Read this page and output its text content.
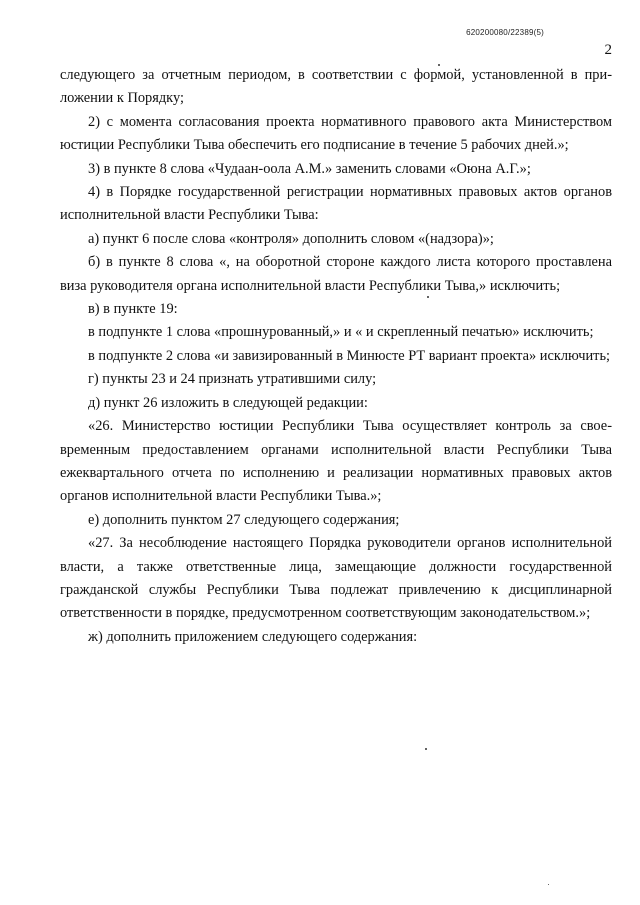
620200080/22389(5)
2

следующего за отчетным периодом, в соответствии с формой, установленной в приложении к Порядку;

2) с момента согласования проекта нормативного правового акта Министерством юстиции Республики Тыва обеспечить его подписание в течение 5 рабочих дней.»;

3) в пункте 8 слова «Чудаан-оола А.М.» заменить словами «Оюна А.Г.»;

4) в Порядке государственной регистрации нормативных правовых актов органов исполнительной власти Республики Тыва:

а) пункт 6 после слова «контроля» дополнить словом «(надзора)»;

б) в пункте 8 слова «, на оборотной стороне каждого листа которого проставлена виза руководителя органа исполнительной власти Республики Тыва,» исключить;

в) в пункте 19:

в подпункте 1 слова «прошнурованный,» и « и скрепленный печатью» исключить;

в подпункте 2 слова «и завизированный в Минюсте РТ вариант проекта» исключить;

г) пункты 23 и 24 признать утратившими силу;

д) пункт 26 изложить в следующей редакции:

«26. Министерство юстиции Республики Тыва осуществляет контроль за своевременным предоставлением органами исполнительной власти Республики Тыва ежеквартального отчета по исполнению и реализации нормативных правовых актов органов исполнительной власти Республики Тыва.»;

е) дополнить пунктом 27 следующего содержания;

«27. За несоблюдение настоящего Порядка руководители органов исполнительной власти, а также ответственные лица, замещающие должности государственной гражданской службы Республики Тыва подлежат привлечению к дисциплинарной ответственности в порядке, предусмотренном соответствующим законодательством.»;

ж) дополнить приложением следующего содержания:
